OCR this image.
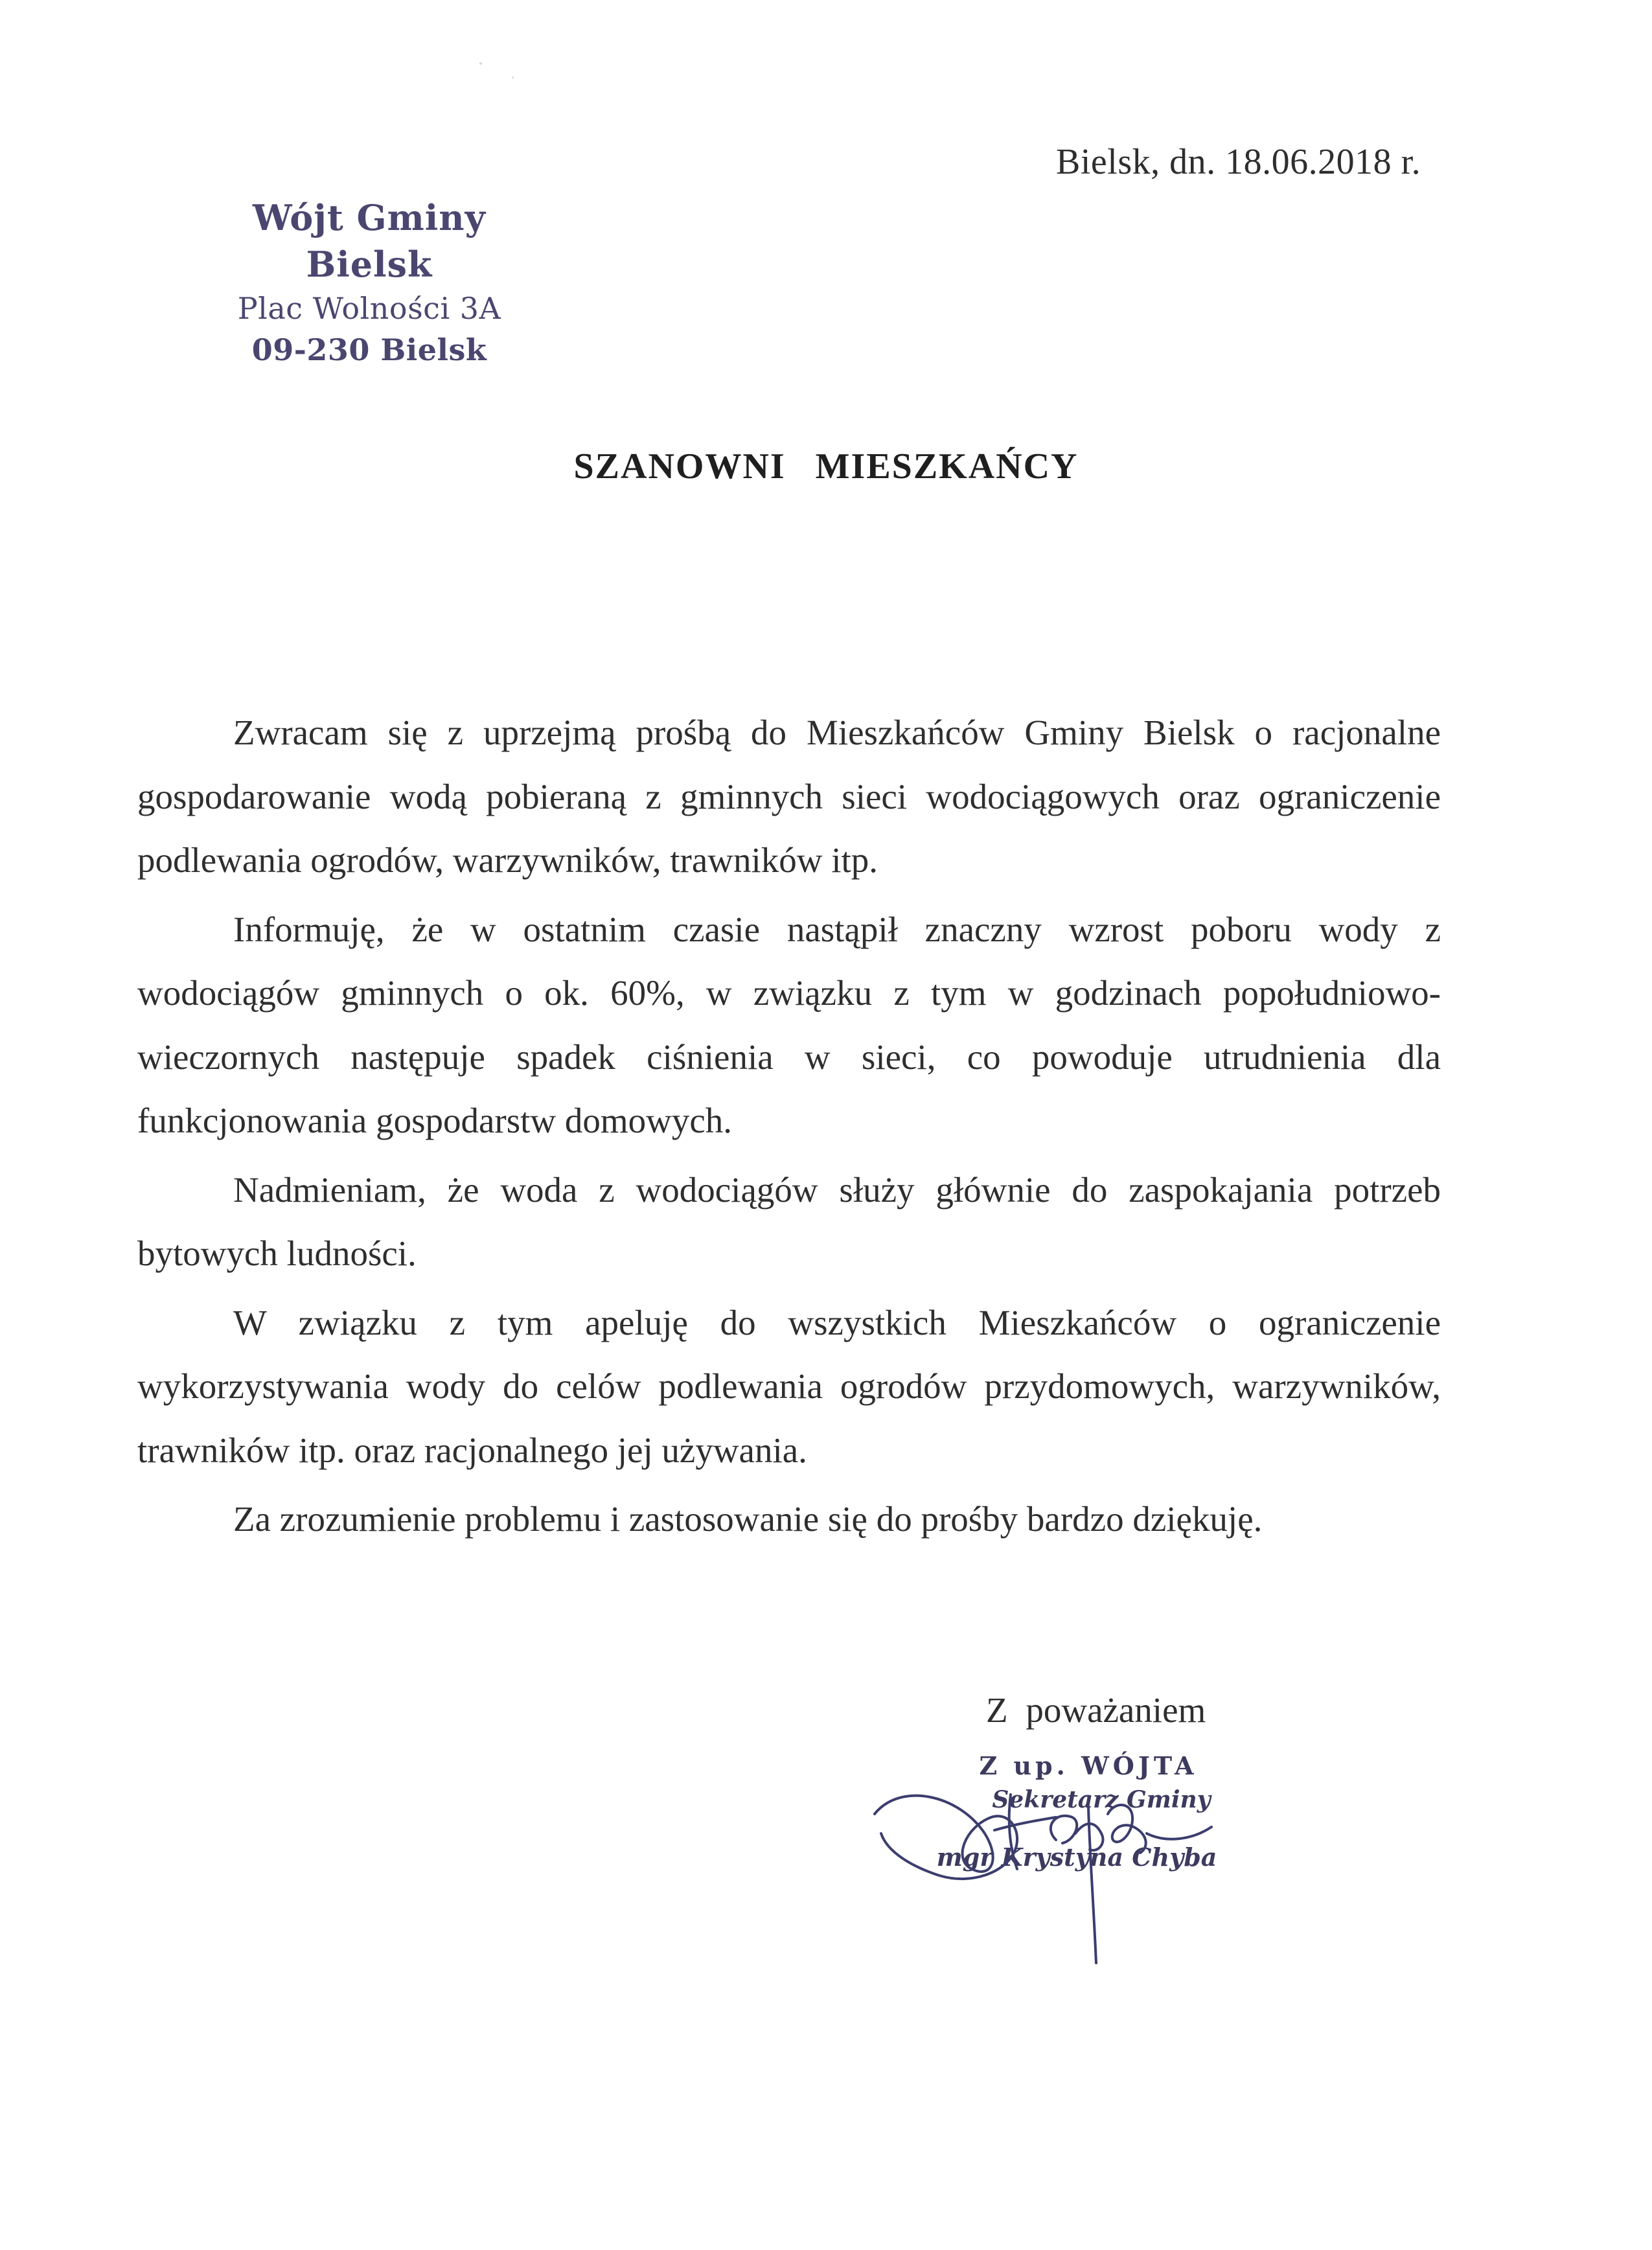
Bielsk, dn. 18.06.2018 r.
Wójt Gminy Bielsk
Plac Wolności 3A
09-230 Bielsk
SZANOWNI MIESZKAŃCY

Zwracam się z uprzejmą prośbą do Mieszkańców Gminy Bielsk o racjonalne gospodarowanie wodą pobieraną z gminnych sieci wodociągowych oraz ograniczenie podlewania ogrodów, warzywników, trawników itp.

Informuję, że w ostatnim czasie nastąpił znaczny wzrost poboru wody z wodociągów gminnych o ok. 60%, w związku z tym w godzinach popołudniowo-wieczornych następuje spadek ciśnienia w sieci, co powoduje utrudnienia dla funkcjonowania gospodarstw domowych.

Nadmieniam, że woda z wodociągów służy głównie do zaspokajania potrzeb bytowych ludności.

W związku z tym apeluję do wszystkich Mieszkańców o ograniczenie wykorzystywania wody do celów podlewania ogrodów przydomowych, warzywników, trawników itp. oraz racjonalnego jej używania.

Za zrozumienie problemu i zastosowanie się do prośby bardzo dziękuję.

Z poważaniem
Z up. WÓJTA
Sekretarz Gminy
mgr Krystyna Chyba
